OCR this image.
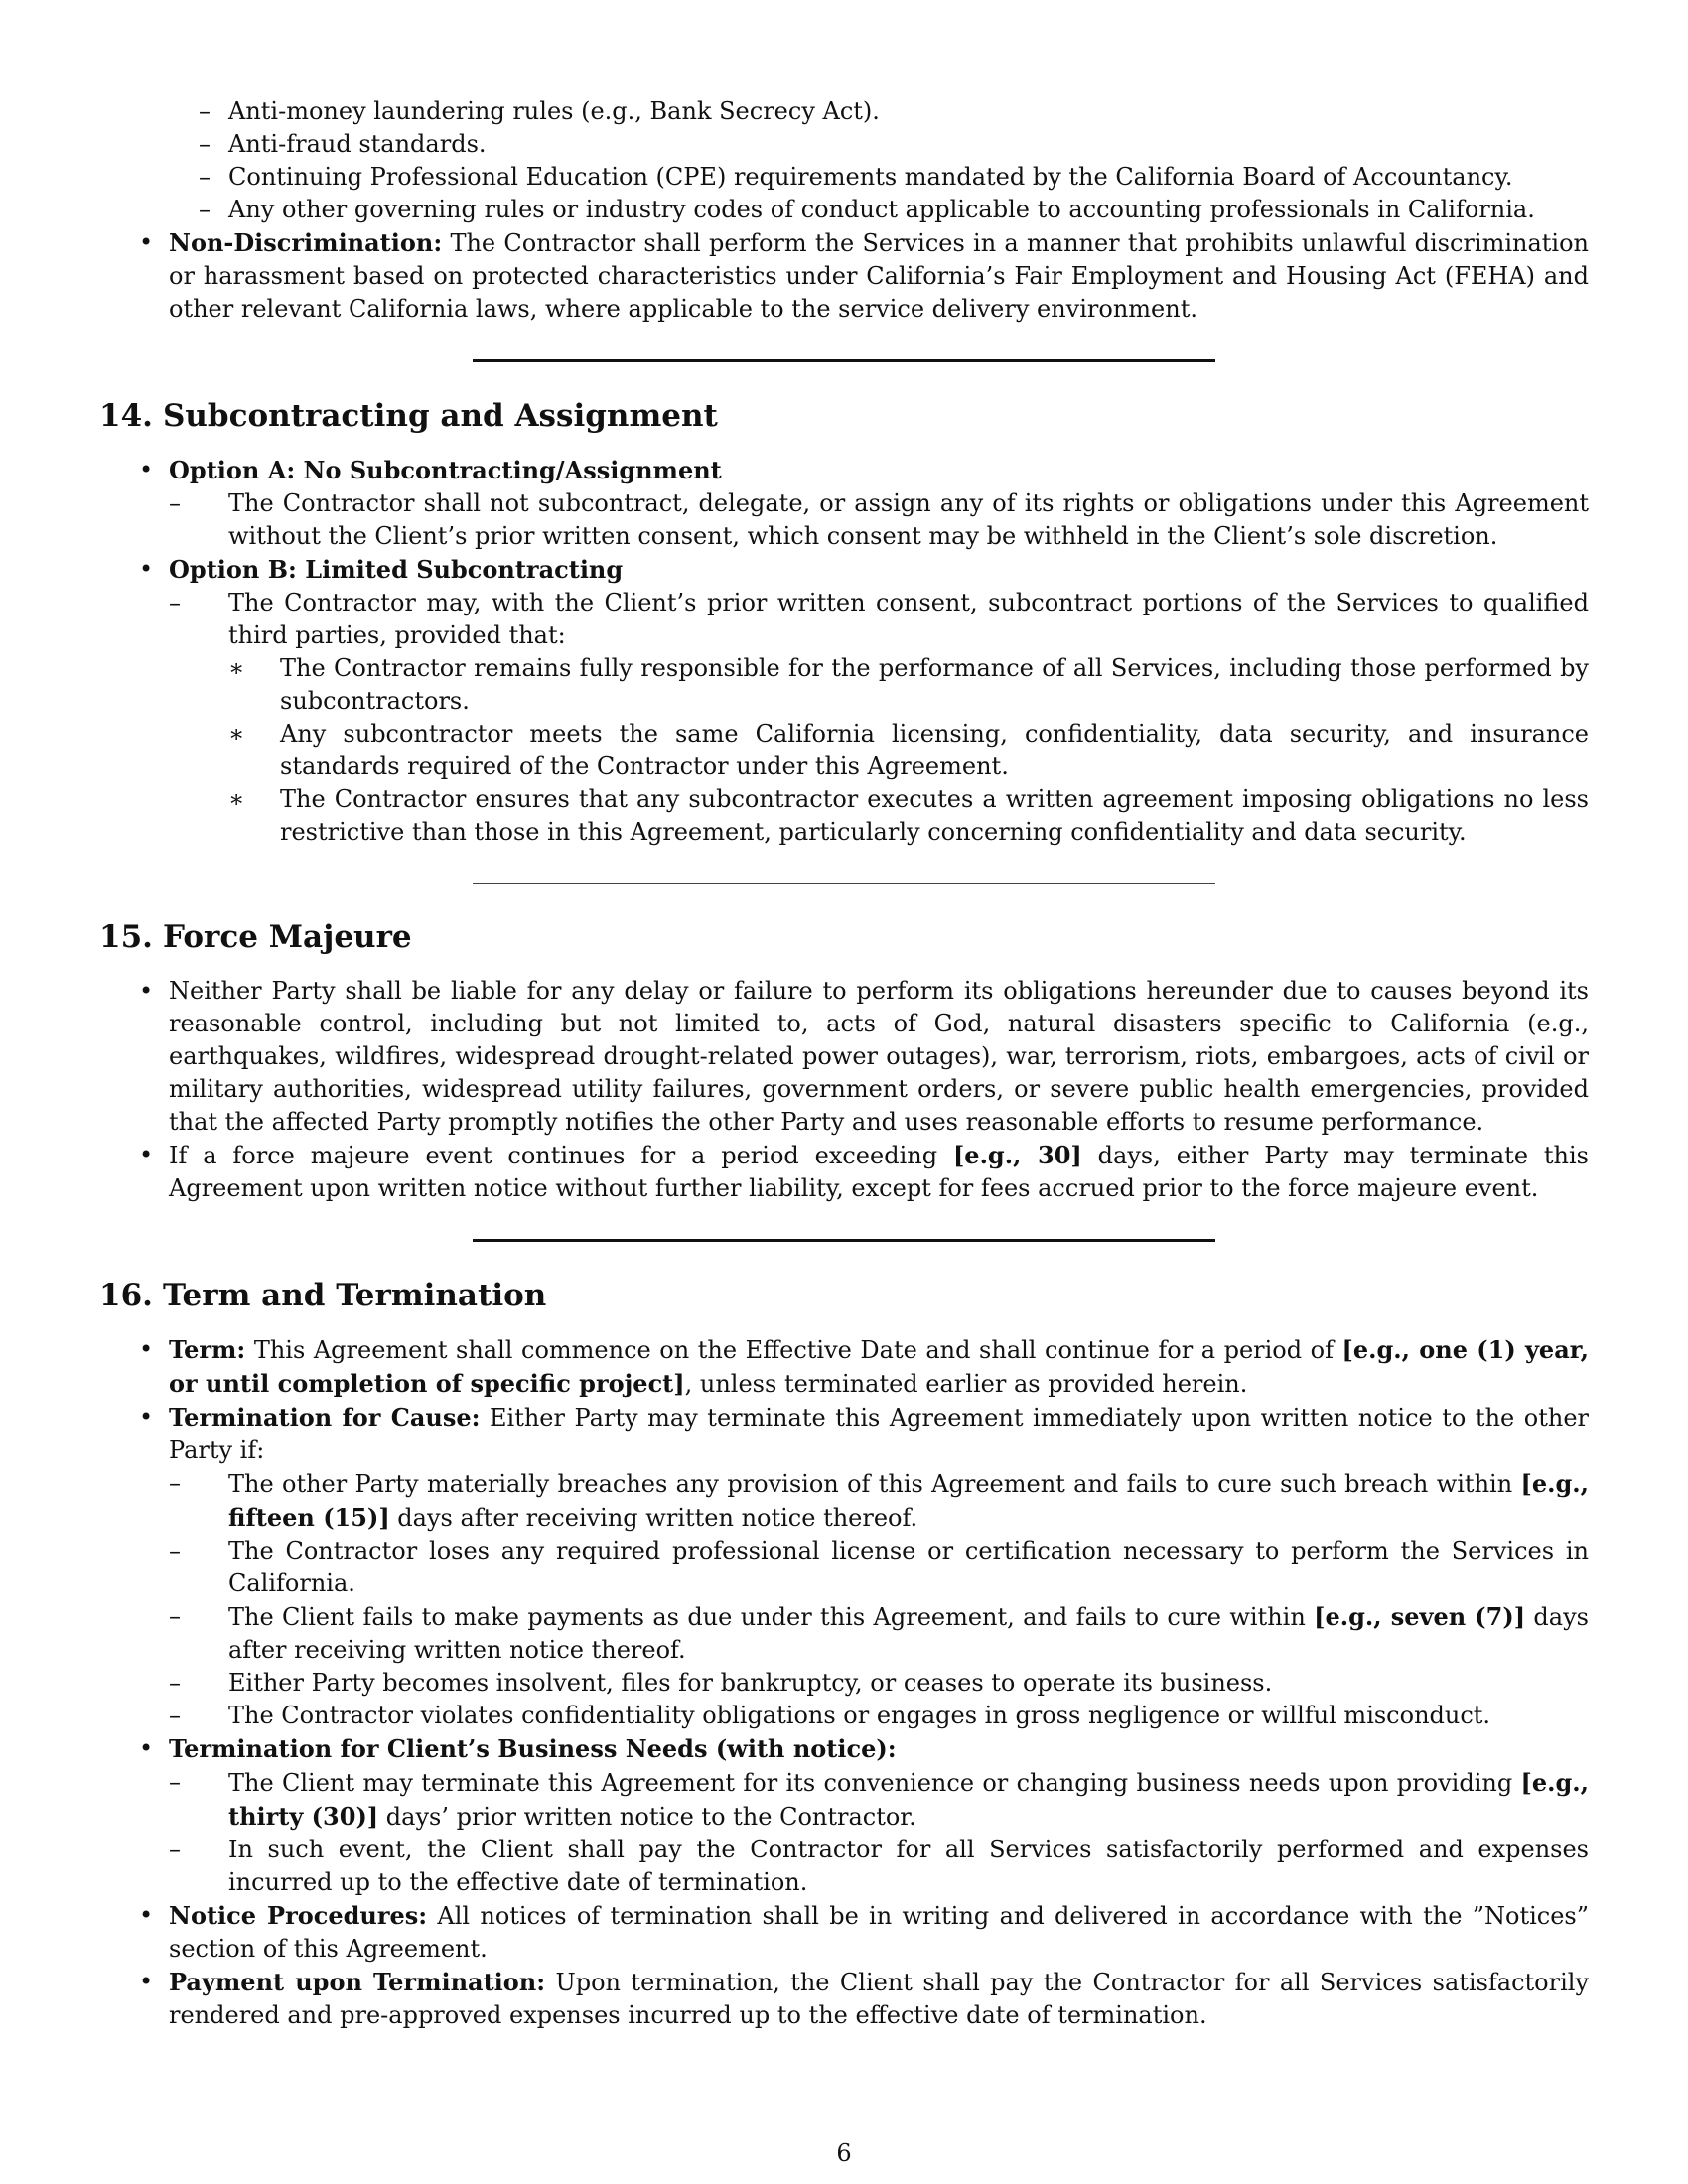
– Anti-money laundering rules (e.g., Bank Secrecy Act).
– Anti-fraud standards.
– Continuing Professional Education (CPE) requirements mandated by the California Board of Accountancy.
– Any other governing rules or industry codes of conduct applicable to accounting professionals in California.
• Non-Discrimination: The Contractor shall perform the Services in a manner that prohibits unlawful discrimination or harassment based on protected characteristics under California’s Fair Employment and Housing Act (FEHA) and other relevant California laws, where applicable to the service delivery environment.
14. Subcontracting and Assignment
• Option A: No Subcontracting/Assignment
– The Contractor shall not subcontract, delegate, or assign any of its rights or obligations under this Agreement without the Client’s prior written consent, which consent may be withheld in the Client’s sole discretion.
• Option B: Limited Subcontracting
– The Contractor may, with the Client’s prior written consent, subcontract portions of the Services to qualified third parties, provided that:
∗ The Contractor remains fully responsible for the performance of all Services, including those performed by subcontractors.
∗ Any subcontractor meets the same California licensing, confidentiality, data security, and insurance standards required of the Contractor under this Agreement.
∗ The Contractor ensures that any subcontractor executes a written agreement imposing obligations no less restrictive than those in this Agreement, particularly concerning confidentiality and data security.
15. Force Majeure
• Neither Party shall be liable for any delay or failure to perform its obligations hereunder due to causes beyond its reasonable control, including but not limited to, acts of God, natural disasters specific to California (e.g., earthquakes, wildfires, widespread drought-related power outages), war, terrorism, riots, embargoes, acts of civil or military authorities, widespread utility failures, government orders, or severe public health emergencies, provided that the affected Party promptly notifies the other Party and uses reasonable efforts to resume performance.
• If a force majeure event continues for a period exceeding [e.g., 30] days, either Party may terminate this Agreement upon written notice without further liability, except for fees accrued prior to the force majeure event.
16. Term and Termination
• Term: This Agreement shall commence on the Effective Date and shall continue for a period of [e.g., one (1) year, or until completion of specific project], unless terminated earlier as provided herein.
• Termination for Cause: Either Party may terminate this Agreement immediately upon written notice to the other Party if:
– The other Party materially breaches any provision of this Agreement and fails to cure such breach within [e.g., fifteen (15)] days after receiving written notice thereof.
– The Contractor loses any required professional license or certification necessary to perform the Services in California.
– The Client fails to make payments as due under this Agreement, and fails to cure within [e.g., seven (7)] days after receiving written notice thereof.
– Either Party becomes insolvent, files for bankruptcy, or ceases to operate its business.
– The Contractor violates confidentiality obligations or engages in gross negligence or willful misconduct.
• Termination for Client’s Business Needs (with notice):
– The Client may terminate this Agreement for its convenience or changing business needs upon providing [e.g., thirty (30)] days’ prior written notice to the Contractor.
– In such event, the Client shall pay the Contractor for all Services satisfactorily performed and expenses incurred up to the effective date of termination.
• Notice Procedures: All notices of termination shall be in writing and delivered in accordance with the ”Notices” section of this Agreement.
• Payment upon Termination: Upon termination, the Client shall pay the Contractor for all Services satisfactorily rendered and pre-approved expenses incurred up to the effective date of termination.
6
